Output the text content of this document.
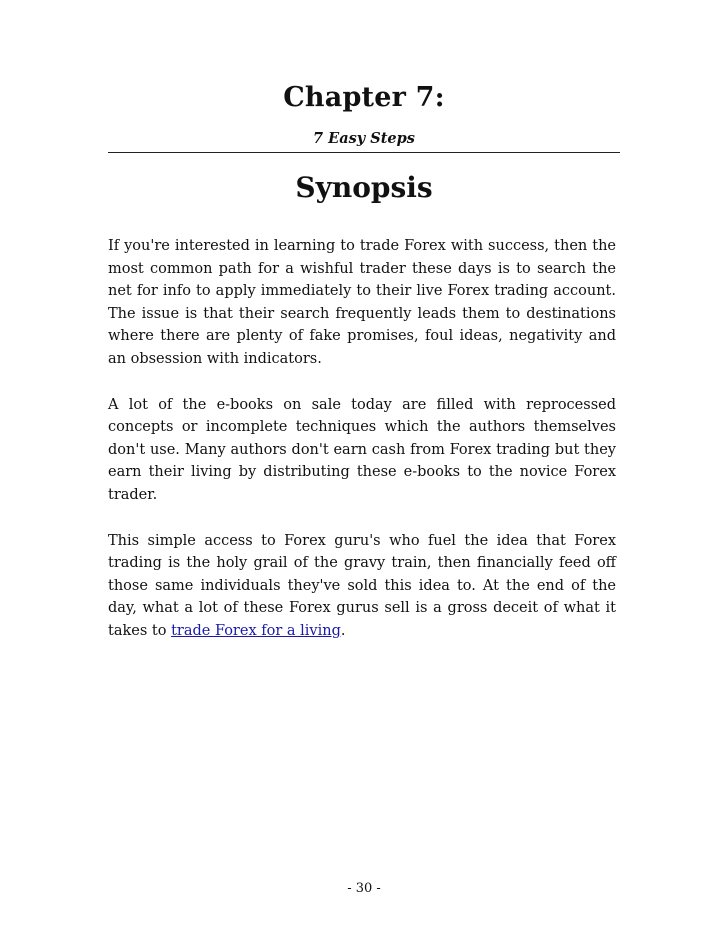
Chapter 7:
7 Easy Steps
Synopsis

If you're interested in learning to trade Forex with success, then the most common path for a wishful trader these days is to search the net for info to apply immediately to their live Forex trading account. The issue is that their search frequently leads them to destinations where there are plenty of fake promises, foul ideas, negativity and an obsession with indicators.

A lot of the e-books on sale today are filled with reprocessed concepts or incomplete techniques which the authors themselves don't use. Many authors don't earn cash from Forex trading but they earn their living by distributing these e-books to the novice Forex trader.

This simple access to Forex guru's who fuel the idea that Forex trading is the holy grail of the gravy train, then financially feed off those same individuals they've sold this idea to. At the end of the day, what a lot of these Forex gurus sell is a gross deceit of what it takes to trade Forex for a living.

- 30 -
